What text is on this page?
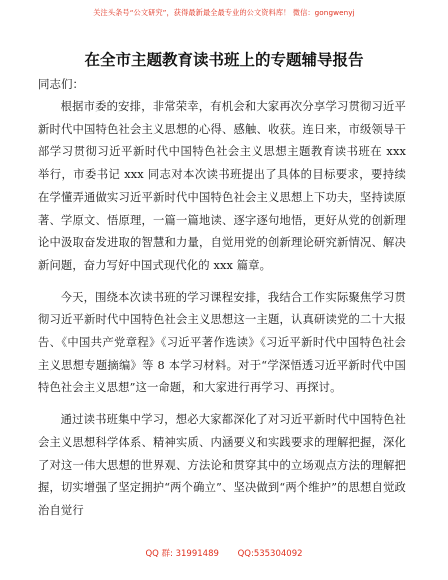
关注头条号“公文研究”，获得最新最全最专业的公文资料库！ 微信：gongwenyj
在全市主题教育读书班上的专题辅导报告
同志们：

根据市委的安排，非常荣幸，有机会和大家再次分享学习贯彻习近平新时代中国特色社会主义思想的心得、感触、收获。连日来，市级领导干部学习贯彻习近平新时代中国特色社会主义思想主题教育读书班在 xxx 举行，市委书记 xxx 同志对本次读书班提出了具体的目标要求，要持续在学懂弄通做实习近平新时代中国特色社会主义思想上下功夫，坚持读原著、学原文、悟原理，一篇一篇地读、逐字逐句地悟，更好从党的创新理论中汲取奋发进取的智慧和力量，自觉用党的创新理论研究新情况、解决新问题，奋力写好中国式现代化的 xxx 篇章。

今天，围绕本次读书班的学习课程安排，我结合工作实际聚焦学习贯彻习近平新时代中国特色社会主义思想这一主题，认真研读党的二十大报告、《中国共产党章程》《习近平著作选读》《习近平新时代中国特色社会主义思想专题摘编》等 8 本学习材料。对于“学深悟透习近平新时代中国特色社会主义思想”这一命题，和大家进行再学习、再探讨。

通过读书班集中学习，想必大家都深化了对习近平新时代中国特色社会主义思想科学体系、精神实质、内涵要义和实践要求的理解把握，深化了对这一伟大思想的世界观、方法论和贯穿其中的立场观点方法的理解把握，切实增强了坚定拥护“两个确立”、坚决做到“两个维护”的思想自觉政治自觉行

QQ 群: 31991489 QQ:535304092
